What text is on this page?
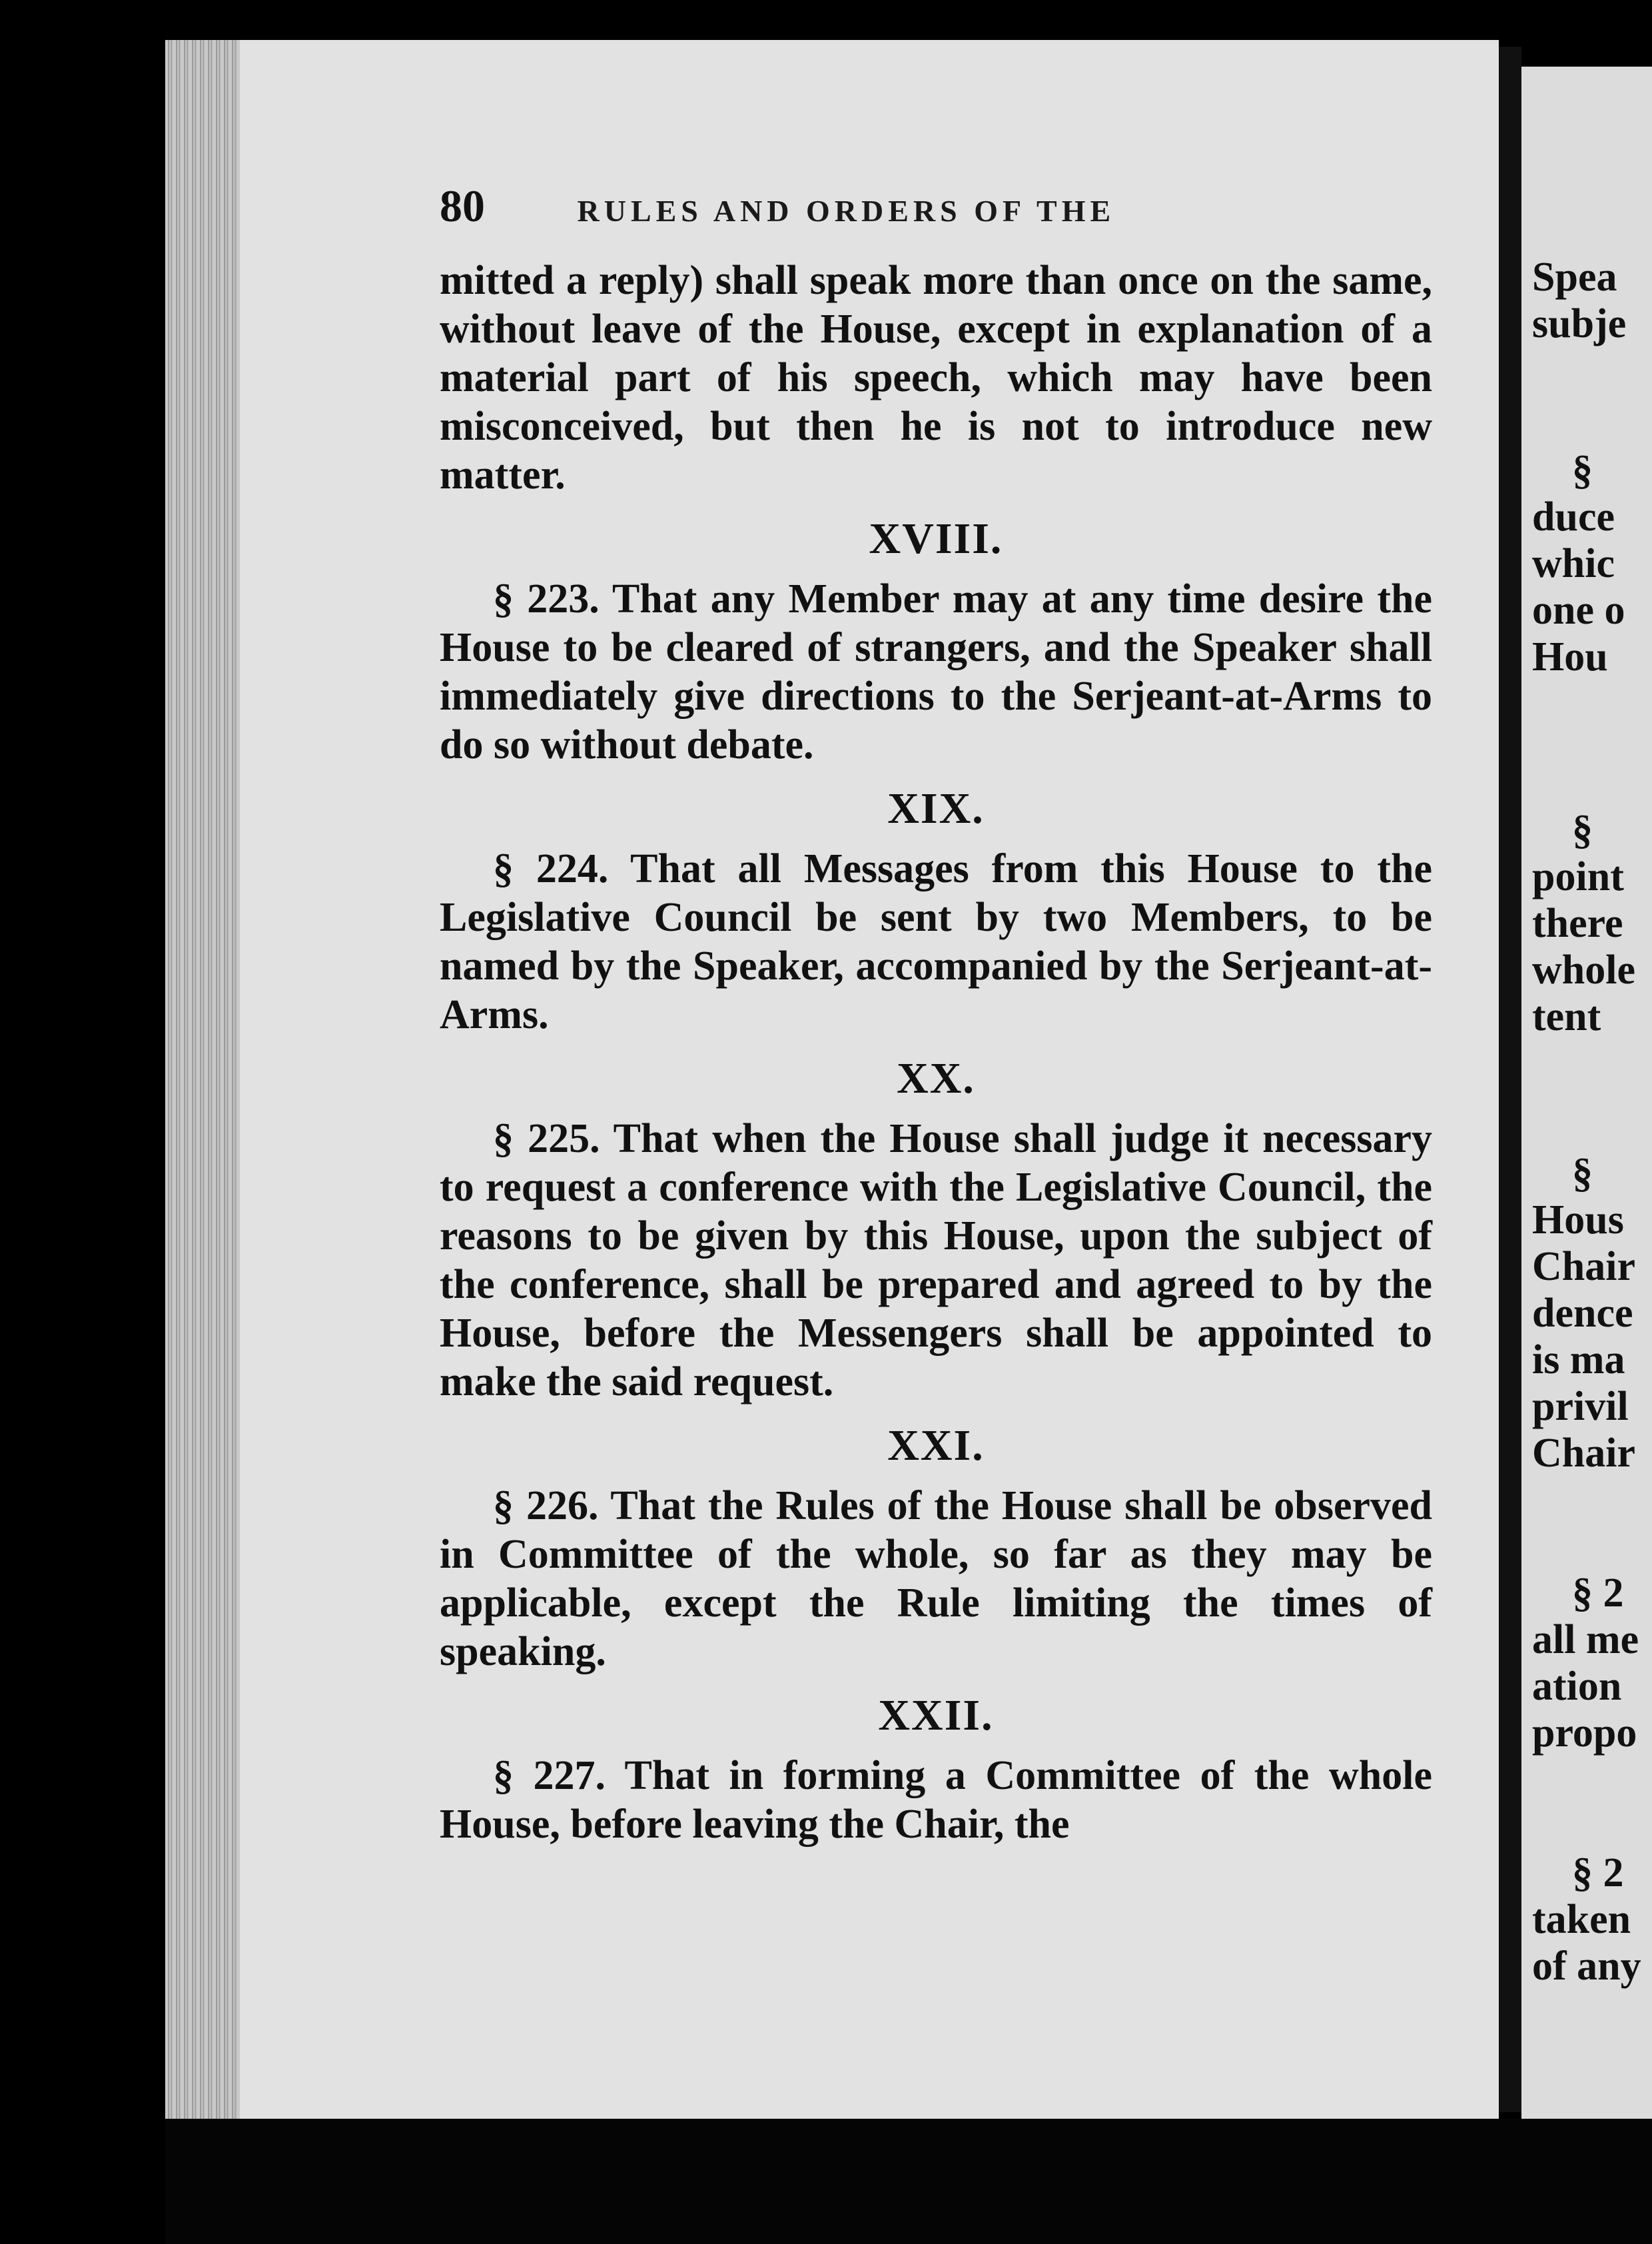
80	RULES AND ORDERS OF THE

mitted a reply) shall speak more than once on the same, without leave of the House, except in explanation of a material part of his speech, which may have been misconceived, but then he is not to introduce new matter.

XVIII.

§ 223. That any Member may at any time desire the House to be cleared of strangers, and the Speaker shall immediately give directions to the Serjeant-at-Arms to do so without debate.

XIX.

§ 224. That all Messages from this House to the Legislative Council be sent by two Members, to be named by the Speaker, accompanied by the Serjeant-at-Arms.

XX.

§ 225. That when the House shall judge it necessary to request a conference with the Legislative Council, the reasons to be given by this House, upon the subject of the conference, shall be prepared and agreed to by the House, before the Messengers shall be appointed to make the said request.

XXI.

§ 226. That the Rules of the House shall be observed in Committee of the whole, so far as they may be applicable, except the Rule limiting the times of speaking.

XXII.

§ 227. That in forming a Committee of the whole House, before leaving the Chair, the

Spea
subje
§
duce
whic
one o
Hou
§
point
there
whole
tent
§
Hous
Chair
dence
is ma
privil
Chair
§ 2
all me
ation
propo
§ 2
taken
of any
